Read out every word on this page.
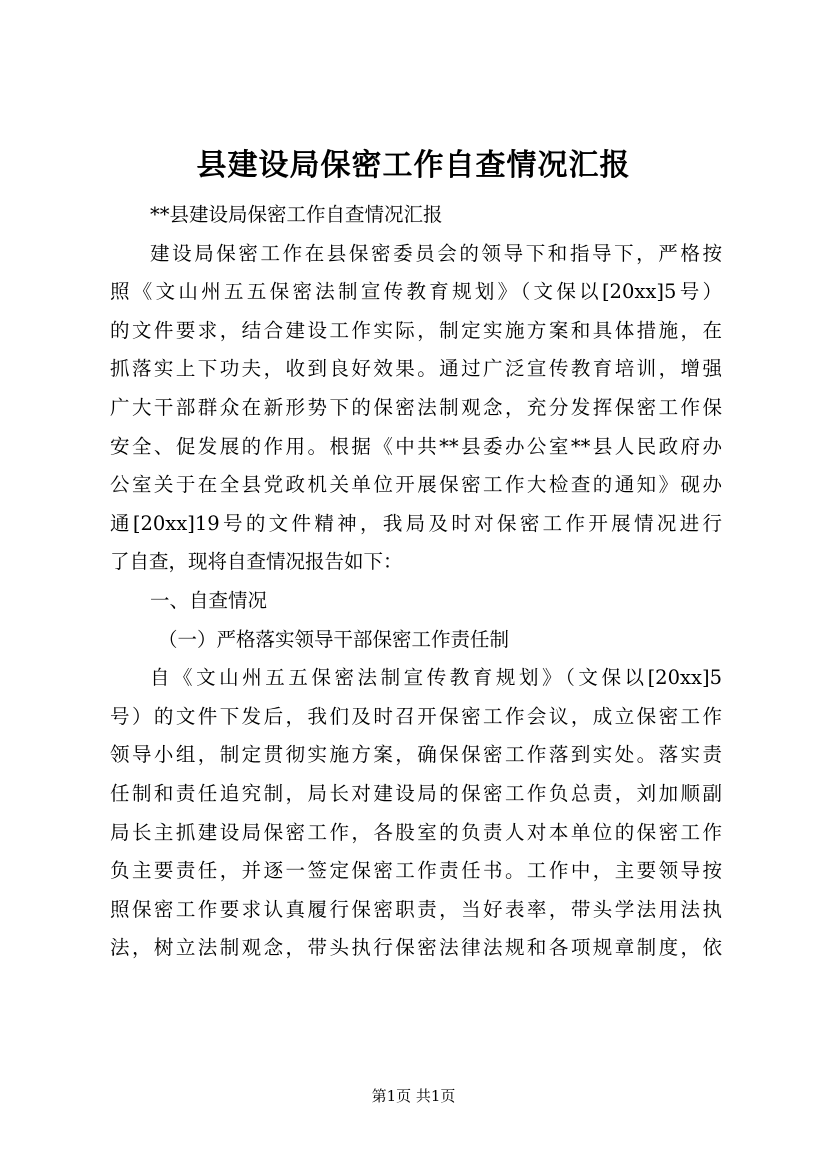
县建设局保密工作自查情况汇报
**县建设局保密工作自查情况汇报
建设局保密工作在县保密委员会的领导下和指导下，严格按
照《文山州五五保密法制宣传教育规划》（文保以[20xx]5号）
的文件要求，结合建设工作实际，制定实施方案和具体措施，在
抓落实上下功夫，收到良好效果。通过广泛宣传教育培训，增强
广大干部群众在新形势下的保密法制观念，充分发挥保密工作保
安全、促发展的作用。根据《中共**县委办公室**县人民政府办
公室关于在全县党政机关单位开展保密工作大检查的通知》砚办
通[20xx]19号的文件精神，我局及时对保密工作开展情况进行
了自查，现将自查情况报告如下：
一、自查情况
（一）严格落实领导干部保密工作责任制
自《文山州五五保密法制宣传教育规划》（文保以[20xx]5
号）的文件下发后，我们及时召开保密工作会议，成立保密工作
领导小组，制定贯彻实施方案，确保保密工作落到实处。落实责
任制和责任追究制，局长对建设局的保密工作负总责，刘加顺副
局长主抓建设局保密工作，各股室的负责人对本单位的保密工作
负主要责任，并逐一签定保密工作责任书。工作中，主要领导按
照保密工作要求认真履行保密职责，当好表率，带头学法用法执
法，树立法制观念，带头执行保密法律法规和各项规章制度，依
第1页 共1页
